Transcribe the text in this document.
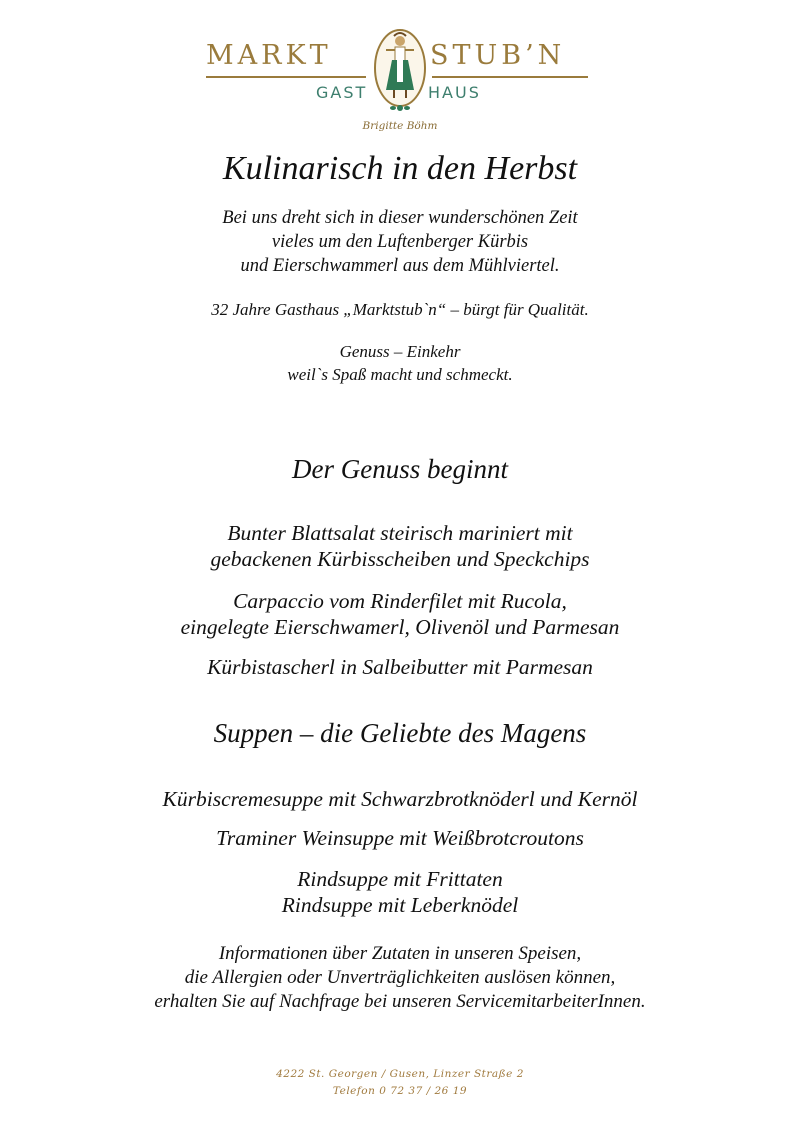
MARKT	STUB’N
GAST	HAUS
Brigitte Böhm
Kulinarisch in den Herbst
Bei uns dreht sich in dieser wunderschönen Zeit
vieles um den Luftenberger Kürbis
und Eierschwammerl aus dem Mühlviertel.
32 Jahre Gasthaus „Marktstub`n“ – bürgt für Qualität.
Genuss – Einkehr
weil`s Spaß macht und schmeckt.
Der Genuss beginnt
Bunter Blattsalat steirisch mariniert mit
gebackenen Kürbisscheiben und Speckchips
Carpaccio vom Rinderfilet mit Rucola,
eingelegte Eierschwamerl, Olivenöl und Parmesan
Kürbistascherl in Salbeibutter mit Parmesan
Suppen – die Geliebte des Magens
Kürbiscremesuppe mit Schwarzbrotknöderl und Kernöl
Traminer Weinsuppe mit Weißbrotcroutons
Rindsuppe mit Frittaten
Rindsuppe mit Leberknödel
Informationen über Zutaten in unseren Speisen,
die Allergien oder Unverträglichkeiten auslösen können,
erhalten Sie auf Nachfrage bei unseren ServicemitarbeiterInnen.
4222 St. Georgen / Gusen, Linzer Straße 2
Telefon 0 72 37 / 26 19
